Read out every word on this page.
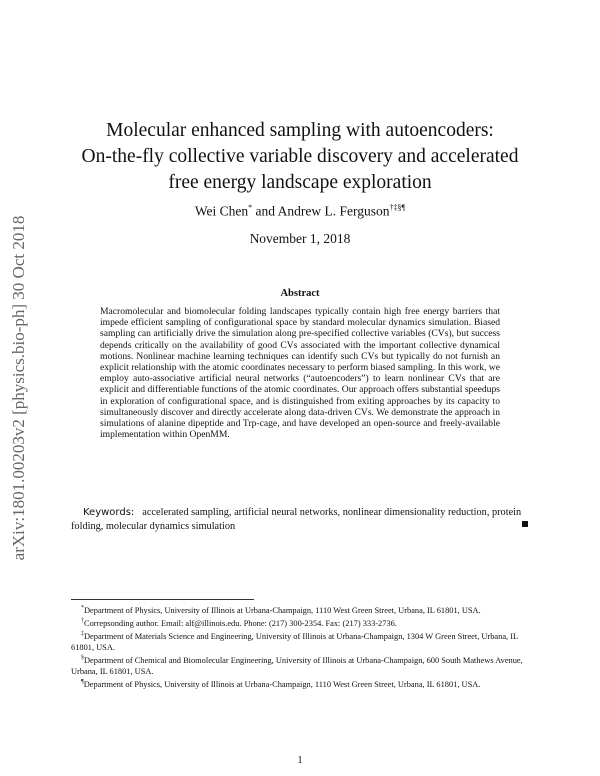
arXiv:1801.00203v2 [physics.bio-ph] 30 Oct 2018
Molecular enhanced sampling with autoencoders:
On-the-fly collective variable discovery and accelerated
free energy landscape exploration
Wei Chen* and Andrew L. Ferguson†‡§¶
November 1, 2018
Abstract
Macromolecular and biomolecular folding landscapes typically contain high free energy barriers that impede efficient sampling of configurational space by standard molecular dynamics simulation. Biased sampling can artificially drive the simulation along pre-specified collective variables (CVs), but success depends critically on the availability of good CVs associated with the important collective dynamical motions. Nonlinear machine learning techniques can identify such CVs but typically do not furnish an explicit relationship with the atomic coordinates necessary to perform biased sampling. In this work, we employ auto-associative artificial neural networks (“autoencoders”) to learn nonlinear CVs that are explicit and differentiable functions of the atomic coordinates. Our approach offers substantial speedups in exploration of configurational space, and is distinguished from exiting approaches by its capacity to simultaneously discover and directly accelerate along data-driven CVs. We demonstrate the approach in simulations of alanine dipeptide and Trp-cage, and have developed an open-source and freely-available implementation within OpenMM.
Keywords: accelerated sampling, artificial neural networks, nonlinear dimensionality reduction, protein folding, molecular dynamics simulation

*Department of Physics, University of Illinois at Urbana-Champaign, 1110 West Green Street, Urbana, IL 61801, USA.

†Correpsonding author. Email: alf@illinois.edu. Phone: (217) 300-2354. Fax: (217) 333-2736.

‡Department of Materials Science and Engineering, University of Illinois at Urbana-Champaign, 1304 W Green Street, Urbana, IL 61801, USA.

§Department of Chemical and Biomolecular Engineering, University of Illinois at Urbana-Champaign, 600 South Mathews Avenue, Urbana, IL 61801, USA.

¶Department of Physics, University of Illinois at Urbana-Champaign, 1110 West Green Street, Urbana, IL 61801, USA.

1
